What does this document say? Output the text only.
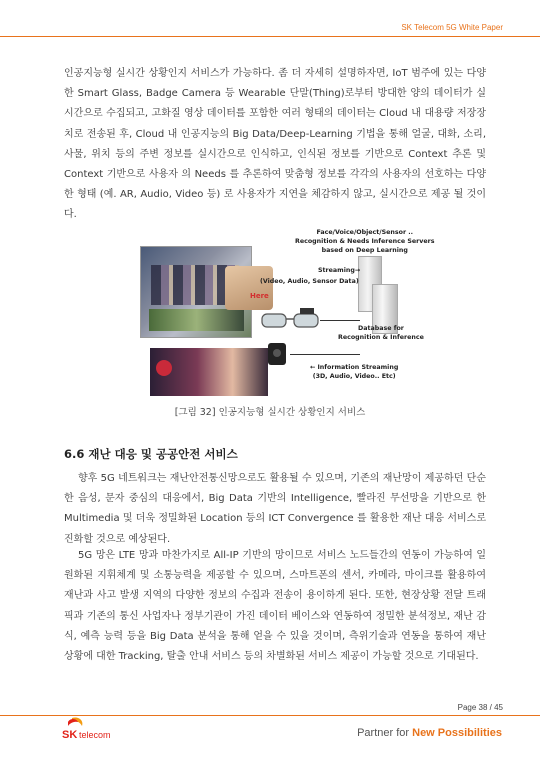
SK Telecom 5G White Paper

인공지능형 실시간 상황인지 서비스가 가능하다. 좀 더 자세히 설명하자면, IoT 범주에 있는 다양한 Smart Glass, Badge Camera 등 Wearable 단말(Thing)로부터 방대한 양의 데이터가 실시간으로 수집되고, 고화질 영상 데이터를 포함한 여러 형태의 데이터는 Cloud 내 대용량 저장장치로 전송된 후, Cloud 내 인공지능의 Big Data/Deep-Learning 기법을 통해 얼굴, 대화, 소리, 사물, 위치 등의 주변 정보를 실시간으로 인식하고, 인식된 정보를 기반으로 Context 추론 및 Context 기반으로 사용자 의 Needs 를 추론하여 맞춤형 정보를 각각의 사용자의 선호하는 다양한 형태 (예. AR, Audio, Video 등) 로 사용자가 지연을 체감하지 않고, 실시간으로 제공 될 것이다.

Face/Voice/Object/Sensor ..
Recognition & Needs Inference Servers
based on Deep Learning
Streaming→
(Video, Audio, Sensor Data)
Here
Database for
Recognition & Inference
← Information Streaming
(3D, Audio, Video.. Etc)
[그림 32] 인공지능형 실시간 상황인지 서비스
6.6 재난 대응 및 공공안전 서비스

향후 5G 네트워크는 재난안전통신망으로도 활용될 수 있으며, 기존의 재난망이 제공하던 단순한 음성, 문자 중심의 대응에서, Big Data 기반의 Intelligence, 빨라진 무선망을 기반으로 한 Multimedia 및 더욱 정밀화된 Location 등의 ICT Convergence 를 활용한 재난 대응 서비스로 진화할 것으로 예상된다.

5G 망은 LTE 망과 마찬가지로 All-IP 기반의 망이므로 서비스 노드들간의 연동이 가능하여 일원화된 지휘체계 및 소통능력을 제공할 수 있으며, 스마트폰의 센서, 카메라, 마이크를 활용하여 재난과 사고 발생 지역의 다양한 정보의 수집과 전송이 용이하게 된다. 또한, 현장상황 전달 트래픽과 기존의 통신 사업자나 정부기관이 가진 데이터 베이스와 연동하여 정밀한 분석정보, 재난 감식, 예측 능력 등을 Big Data 분석을 통해 얻을 수 있을 것이며, 측위기술과 연동을 통하여 재난상황에 대한 Tracking, 탈출 안내 서비스 등의 차별화된 서비스 제공이 가능할 것으로 기대된다.

Page 38 / 45
SK telecom	Partner for New Possibilities
